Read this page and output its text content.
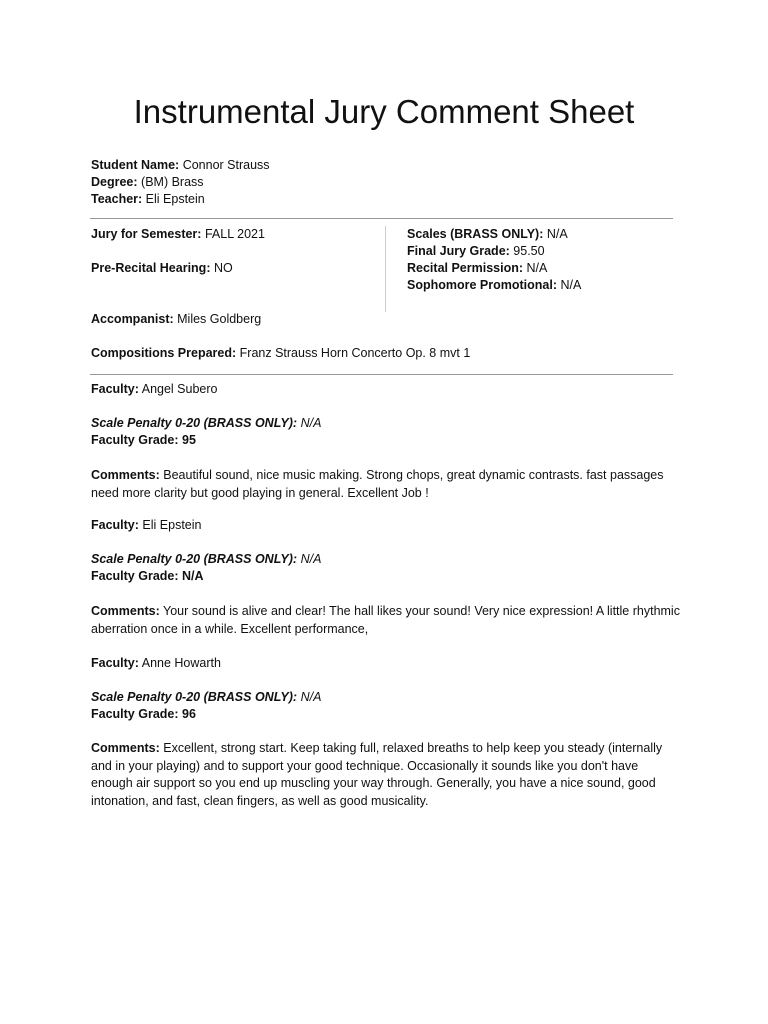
Instrumental Jury Comment Sheet
Student Name: Connor Strauss
Degree: (BM) Brass
Teacher: Eli Epstein
Jury for Semester: FALL 2021
Pre-Recital Hearing: NO
Scales (BRASS ONLY): N/A
Final Jury Grade: 95.50
Recital Permission: N/A
Sophomore Promotional: N/A
Accompanist: Miles Goldberg
Compositions Prepared: Franz Strauss Horn Concerto Op. 8 mvt 1
Faculty: Angel Subero
Scale Penalty 0-20 (BRASS ONLY): N/A
Faculty Grade: 95
Comments: Beautiful sound, nice music making. Strong chops, great dynamic contrasts. fast passages need more clarity but good playing in general. Excellent Job !
Faculty: Eli Epstein
Scale Penalty 0-20 (BRASS ONLY): N/A
Faculty Grade: N/A
Comments: Your sound is alive and clear! The hall likes your sound! Very nice expression! A little rhythmic aberration once in a while. Excellent performance,
Faculty: Anne Howarth
Scale Penalty 0-20 (BRASS ONLY): N/A
Faculty Grade: 96
Comments: Excellent, strong start. Keep taking full, relaxed breaths to help keep you steady (internally and in your playing) and to support your good technique. Occasionally it sounds like you don't have enough air support so you end up muscling your way through. Generally, you have a nice sound, good intonation, and fast, clean fingers, as well as good musicality.
